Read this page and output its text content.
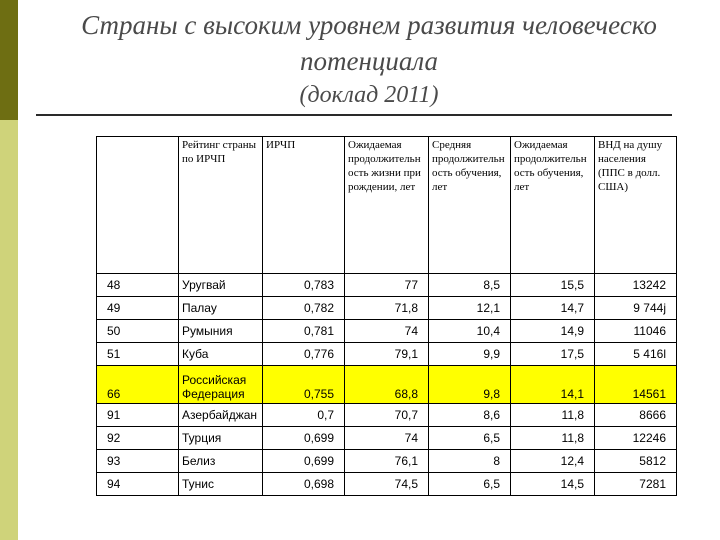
Страны с высоким уровнем развития человеческо
потенциала
(доклад 2011)
	Рейтинг страны по ИРЧП	ИРЧП	Ожидаемая продолжительн ость жизни при рождении, лет	Средняя продолжительн ость обучения, лет	Ожидаемая продолжительн ость обучения, лет	ВНД на душу населения (ППС в долл. США)
48	Уругвай	0,783	77	8,5	15,5	13242
49	Палау	0,782	71,8	12,1	14,7	9 744j
50	Румыния	0,781	74	10,4	14,9	11046
51	Куба	0,776	79,1	9,9	17,5	5 416l
66	Российская Федерация	0,755	68,8	9,8	14,1	14561
91	Азербайджан	0,7	70,7	8,6	11,8	8666
92	Турция	0,699	74	6,5	11,8	12246
93	Белиз	0,699	76,1	8	12,4	5812
94	Тунис	0,698	74,5	6,5	14,5	7281
